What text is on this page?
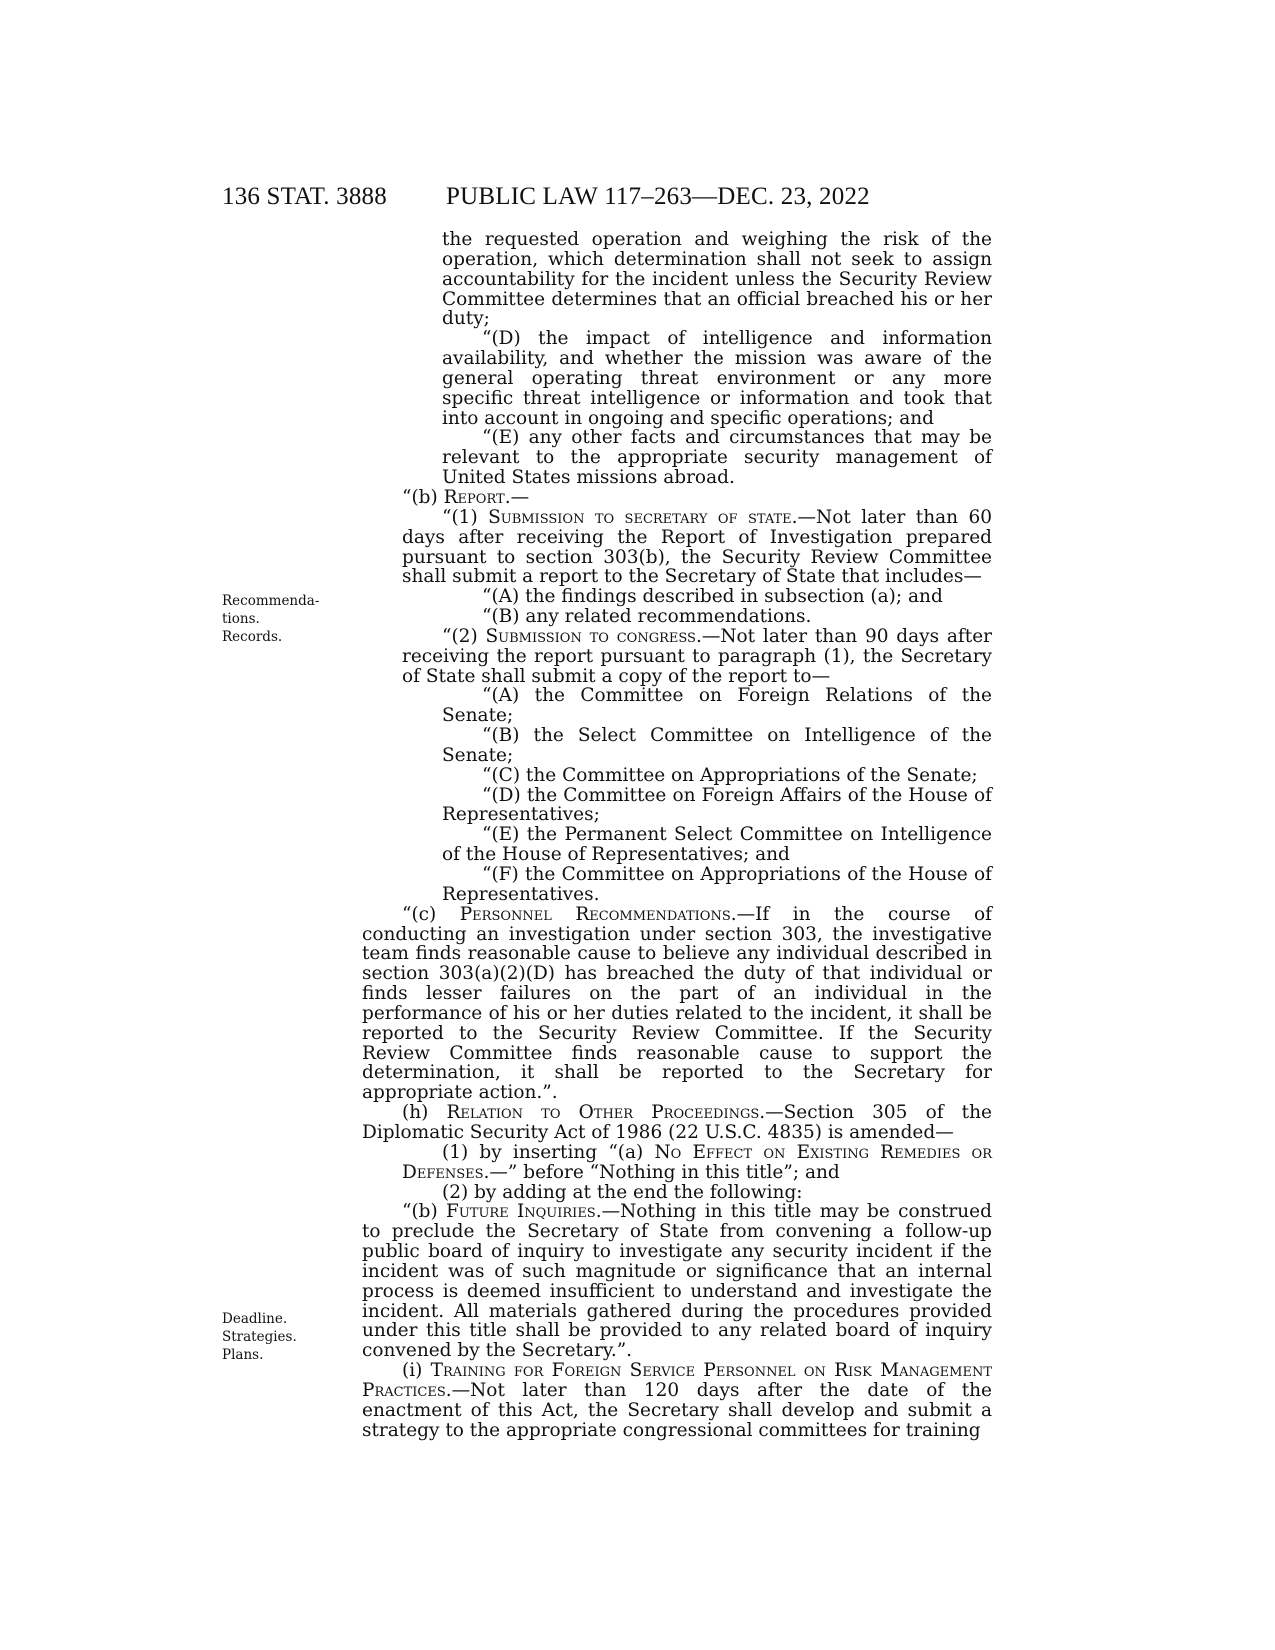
136 STAT. 3888 PUBLIC LAW 117–263—DEC. 23, 2022
Recommenda-
tions.
Records.
Deadline.
Strategies.
Plans.

the requested operation and weighing the risk of the operation, which determination shall not seek to assign accountability for the incident unless the Security Review Committee determines that an official breached his or her duty;

“(D) the impact of intelligence and information availability, and whether the mission was aware of the general operating threat environment or any more specific threat intelligence or information and took that into account in ongoing and specific operations; and

“(E) any other facts and circumstances that may be relevant to the appropriate security management of United States missions abroad.

“(b) Report.—

“(1) Submission to secretary of state.—Not later than 60 days after receiving the Report of Investigation prepared pursuant to section 303(b), the Security Review Committee shall submit a report to the Secretary of State that includes—

“(A) the findings described in subsection (a); and

“(B) any related recommendations.

“(2) Submission to congress.—Not later than 90 days after receiving the report pursuant to paragraph (1), the Secretary of State shall submit a copy of the report to—

“(A) the Committee on Foreign Relations of the Senate;

“(B) the Select Committee on Intelligence of the Senate;

“(C) the Committee on Appropriations of the Senate;

“(D) the Committee on Foreign Affairs of the House of Representatives;

“(E) the Permanent Select Committee on Intelligence of the House of Representatives; and

“(F) the Committee on Appropriations of the House of Representatives.

“(c) Personnel Recommendations.—If in the course of conducting an investigation under section 303, the investigative team finds reasonable cause to believe any individual described in section 303(a)(2)(D) has breached the duty of that individual or finds lesser failures on the part of an individual in the performance of his or her duties related to the incident, it shall be reported to the Security Review Committee. If the Security Review Committee finds reasonable cause to support the determination, it shall be reported to the Secretary for appropriate action.”.

(h) Relation to Other Proceedings.—Section 305 of the Diplomatic Security Act of 1986 (22 U.S.C. 4835) is amended—

(1) by inserting “(a) No Effect on Existing Remedies or Defenses.—” before “Nothing in this title”; and

(2) by adding at the end the following:

“(b) Future Inquiries.—Nothing in this title may be construed to preclude the Secretary of State from convening a follow-up public board of inquiry to investigate any security incident if the incident was of such magnitude or significance that an internal process is deemed insufficient to understand and investigate the incident. All materials gathered during the procedures provided under this title shall be provided to any related board of inquiry convened by the Secretary.”.

(i) Training for Foreign Service Personnel on Risk Management Practices.—Not later than 120 days after the date of the enactment of this Act, the Secretary shall develop and submit a strategy to the appropriate congressional committees for training
